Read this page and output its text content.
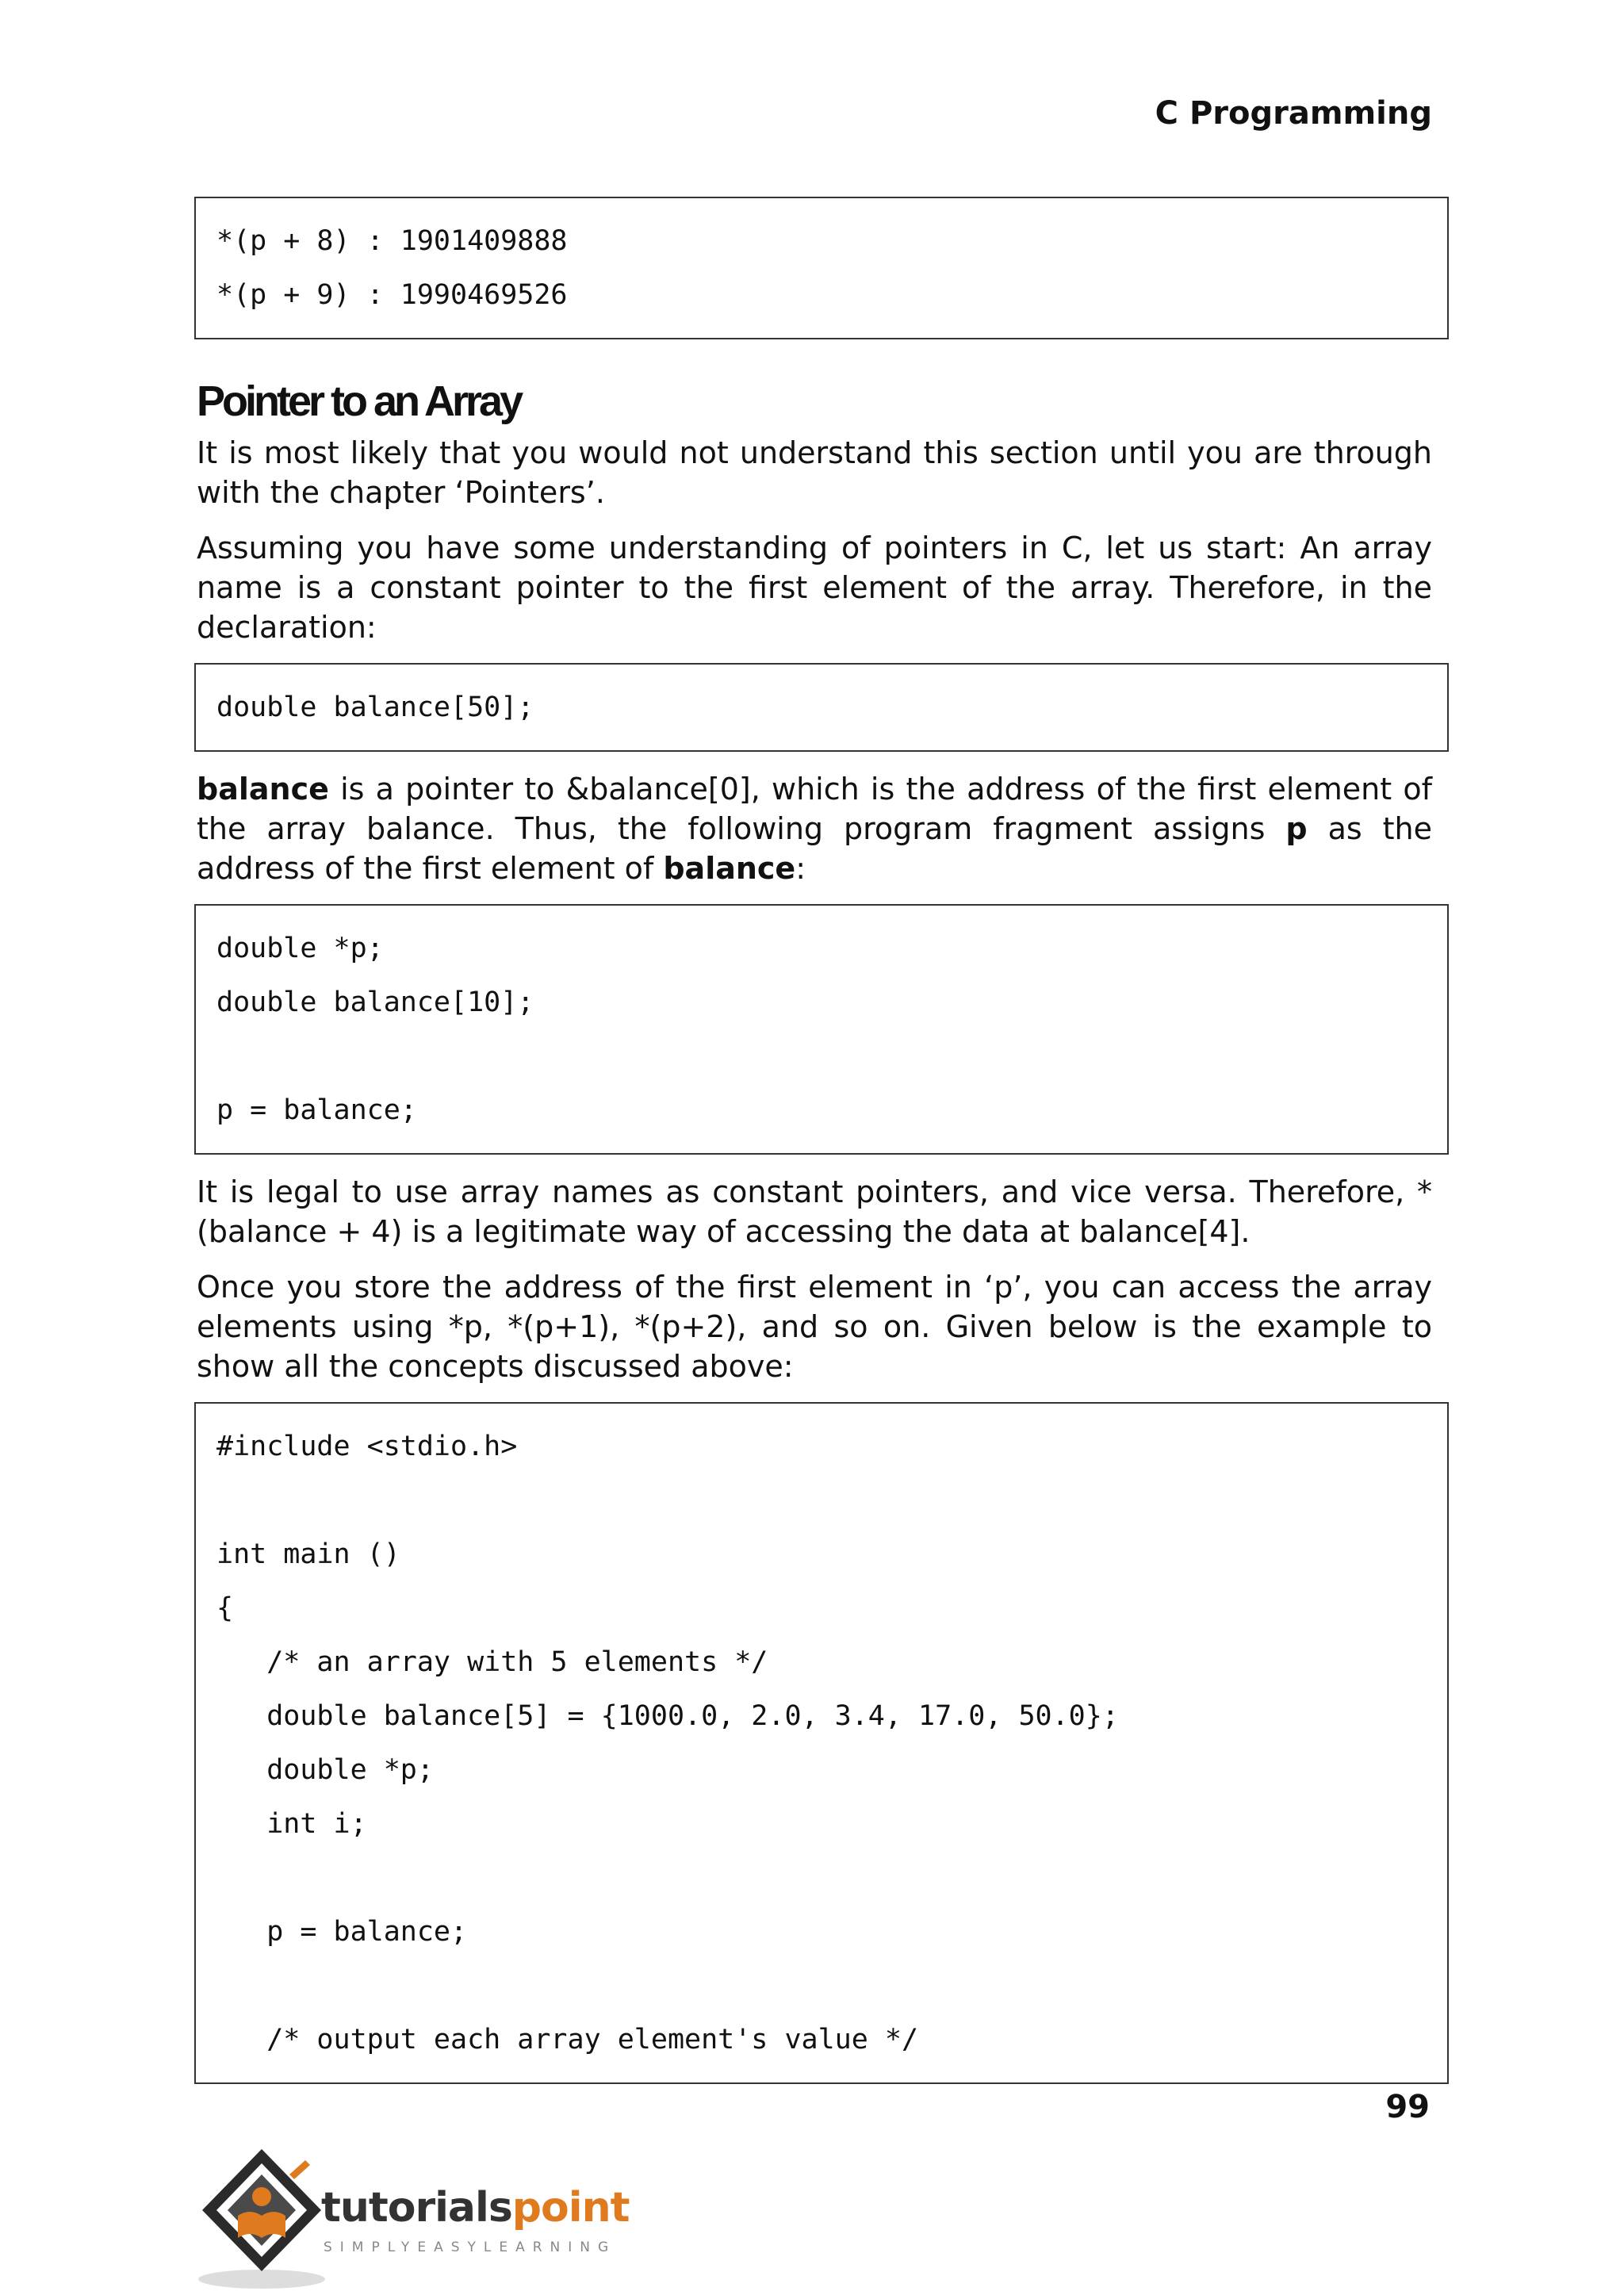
C Programming
*(p + 8) : 1901409888
*(p + 9) : 1990469526
Pointer to an Array

It is most likely that you would not understand this section until you are through with the chapter ‘Pointers’.

Assuming you have some understanding of pointers in C, let us start: An array name is a constant pointer to the first element of the array. Therefore, in the declaration:

double balance[50];

balance is a pointer to &balance[0], which is the address of the first element of the array balance. Thus, the following program fragment assigns p as the address of the first element of balance:

double *p;
double balance[10];
p = balance;

It is legal to use array names as constant pointers, and vice versa. Therefore, *(balance + 4) is a legitimate way of accessing the data at balance[4].

Once you store the address of the first element in ‘p’, you can access the array elements using *p, *(p+1), *(p+2), and so on. Given below is the example to show all the concepts discussed above:

#include <stdio.h>
int main ()
{
/* an array with 5 elements */
double balance[5] = {1000.0, 2.0, 3.4, 17.0, 50.0};
double *p;
int i;
p = balance;
/* output each array element's value */
99
tutorialspoint
SIMPLYEASYLEARNING
